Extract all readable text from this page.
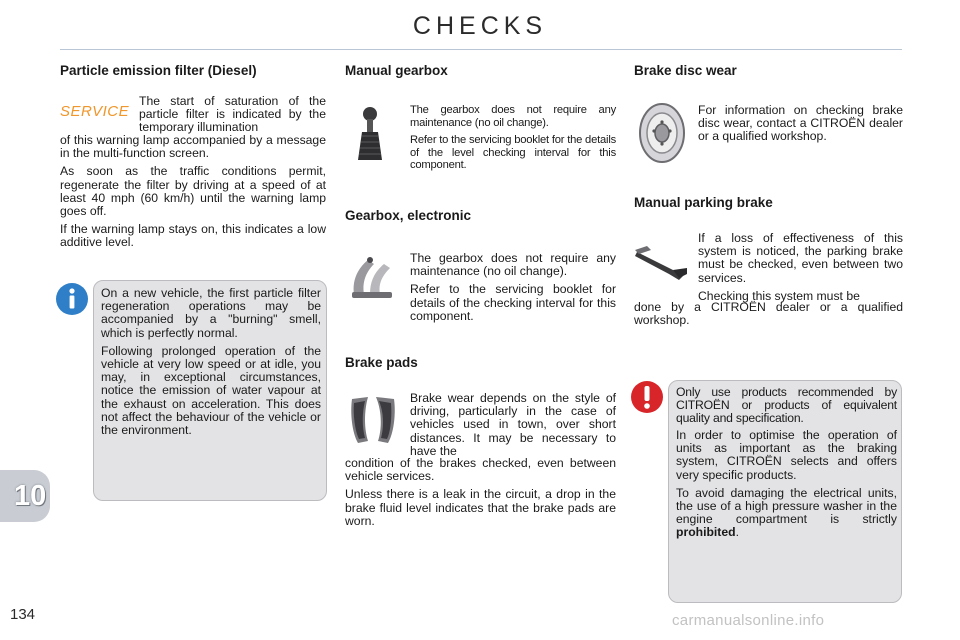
CHECKS
Particle emission filter (Diesel)
SERVICE

The start of saturation of the particle filter is indicated by the temporary illumination

of this warning lamp accompanied by a message in the multi-function screen.

As soon as the traffic conditions permit, regenerate the filter by driving at a speed of at least 40 mph (60 km/h) until the warning lamp goes off.

If the warning lamp stays on, this indicates a low additive level.

On a new vehicle, the first particle filter regeneration operations may be accompanied by a "burning" smell, which is perfectly normal.

Following prolonged operation of the vehicle at very low speed or at idle, you may, in exceptional circumstances, notice the emission of water vapour at the exhaust on acceleration. This does not affect the behaviour of the vehicle or the environment.

Manual gearbox

The gearbox does not require any maintenance (no oil change).

Refer to the servicing booklet for the details of the level checking interval for this component.

Gearbox, electronic

The gearbox does not require any maintenance (no oil change).

Refer to the servicing booklet for details of the checking interval for this component.

Brake pads

Brake wear depends on the style of driving, particularly in the case of vehicles used in town, over short distances. It may be necessary to have the

condition of the brakes checked, even between vehicle services.

Unless there is a leak in the circuit, a drop in the brake fluid level indicates that the brake pads are worn.

Brake disc wear

For information on checking brake disc wear, contact a CITROËN dealer or a qualified workshop.

Manual parking brake

If a loss of effectiveness of this system is noticed, the parking brake must be checked, even between two services.

Checking this system must be

done by a CITROËN dealer or a qualified workshop.

Only use products recommended by CITROËN or products of equivalent quality and specification.

In order to optimise the operation of units as important as the braking system, CITROËN selects and offers very specific products.

To avoid damaging the electrical units, the use of a high pressure washer in the engine compartment is strictly prohibited.

10
134	carmanualsonline.info
